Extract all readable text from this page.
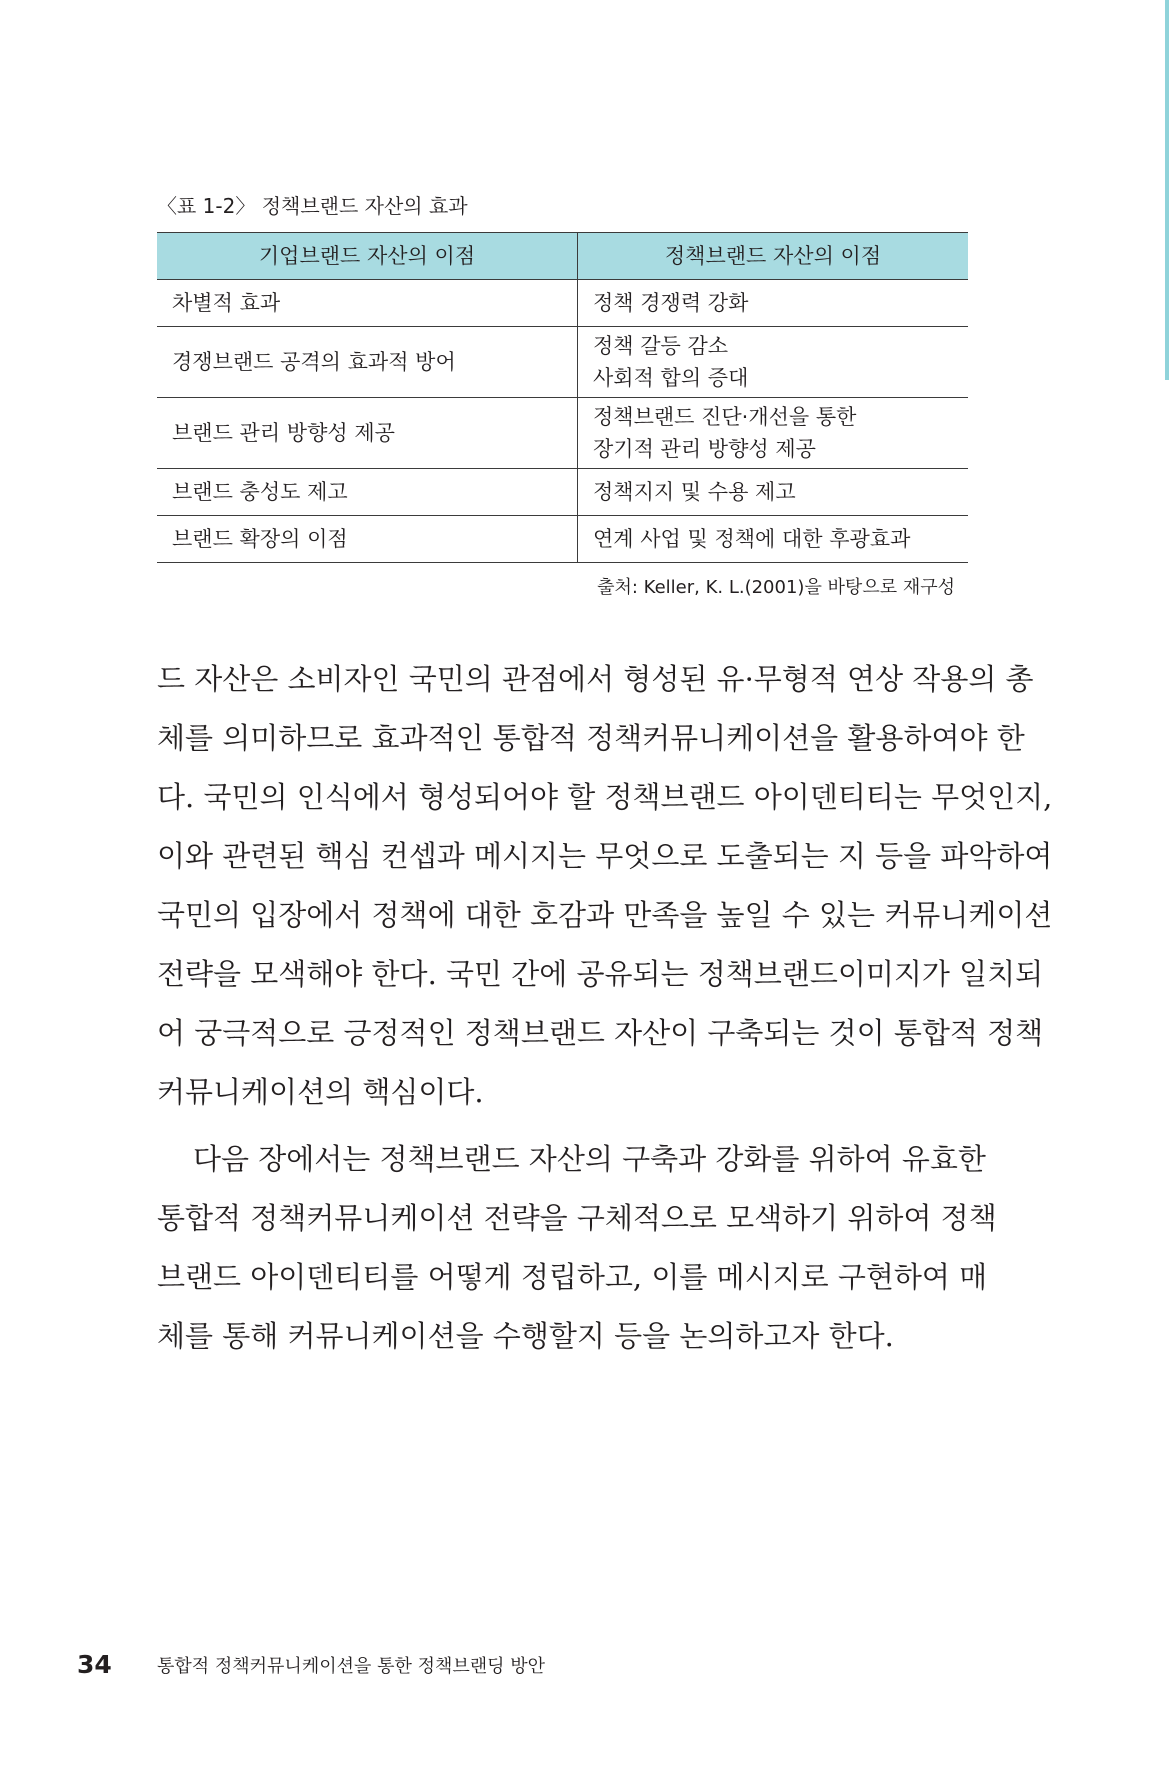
〈표 1-2〉 정책브랜드 자산의 효과
기업브랜드 자산의 이점	정책브랜드 자산의 이점

차별적 효과	정책 경쟁력 강화

경쟁브랜드 공격의 효과적 방어	정책 갈등 감소
사회적 합의 증대

브랜드 관리 방향성 제공	정책브랜드 진단·개선을 통한
장기적 관리 방향성 제공

브랜드 충성도 제고	정책지지 및 수용 제고

브랜드 확장의 이점	연계 사업 및 정책에 대한 후광효과
출처: Keller, K. L.(2001)을 바탕으로 재구성
드 자산은 소비자인 국민의 관점에서 형성된 유·무형적 연상 작용의 총
체를 의미하므로 효과적인 통합적 정책커뮤니케이션을 활용하여야 한
다. 국민의 인식에서 형성되어야 할 정책브랜드 아이덴티티는 무엇인지,
이와 관련된 핵심 컨셉과 메시지는 무엇으로 도출되는 지 등을 파악하여
국민의 입장에서 정책에 대한 호감과 만족을 높일 수 있는 커뮤니케이션
전략을 모색해야 한다. 국민 간에 공유되는 정책브랜드이미지가 일치되
어 궁극적으로 긍정적인 정책브랜드 자산이 구축되는 것이 통합적 정책
커뮤니케이션의 핵심이다.
다음 장에서는 정책브랜드 자산의 구축과 강화를 위하여 유효한
통합적 정책커뮤니케이션 전략을 구체적으로 모색하기 위하여 정책
브랜드 아이덴티티를 어떻게 정립하고, 이를 메시지로 구현하여 매
체를 통해 커뮤니케이션을 수행할지 등을 논의하고자 한다.
34	통합적 정책커뮤니케이션을 통한 정책브랜딩 방안
